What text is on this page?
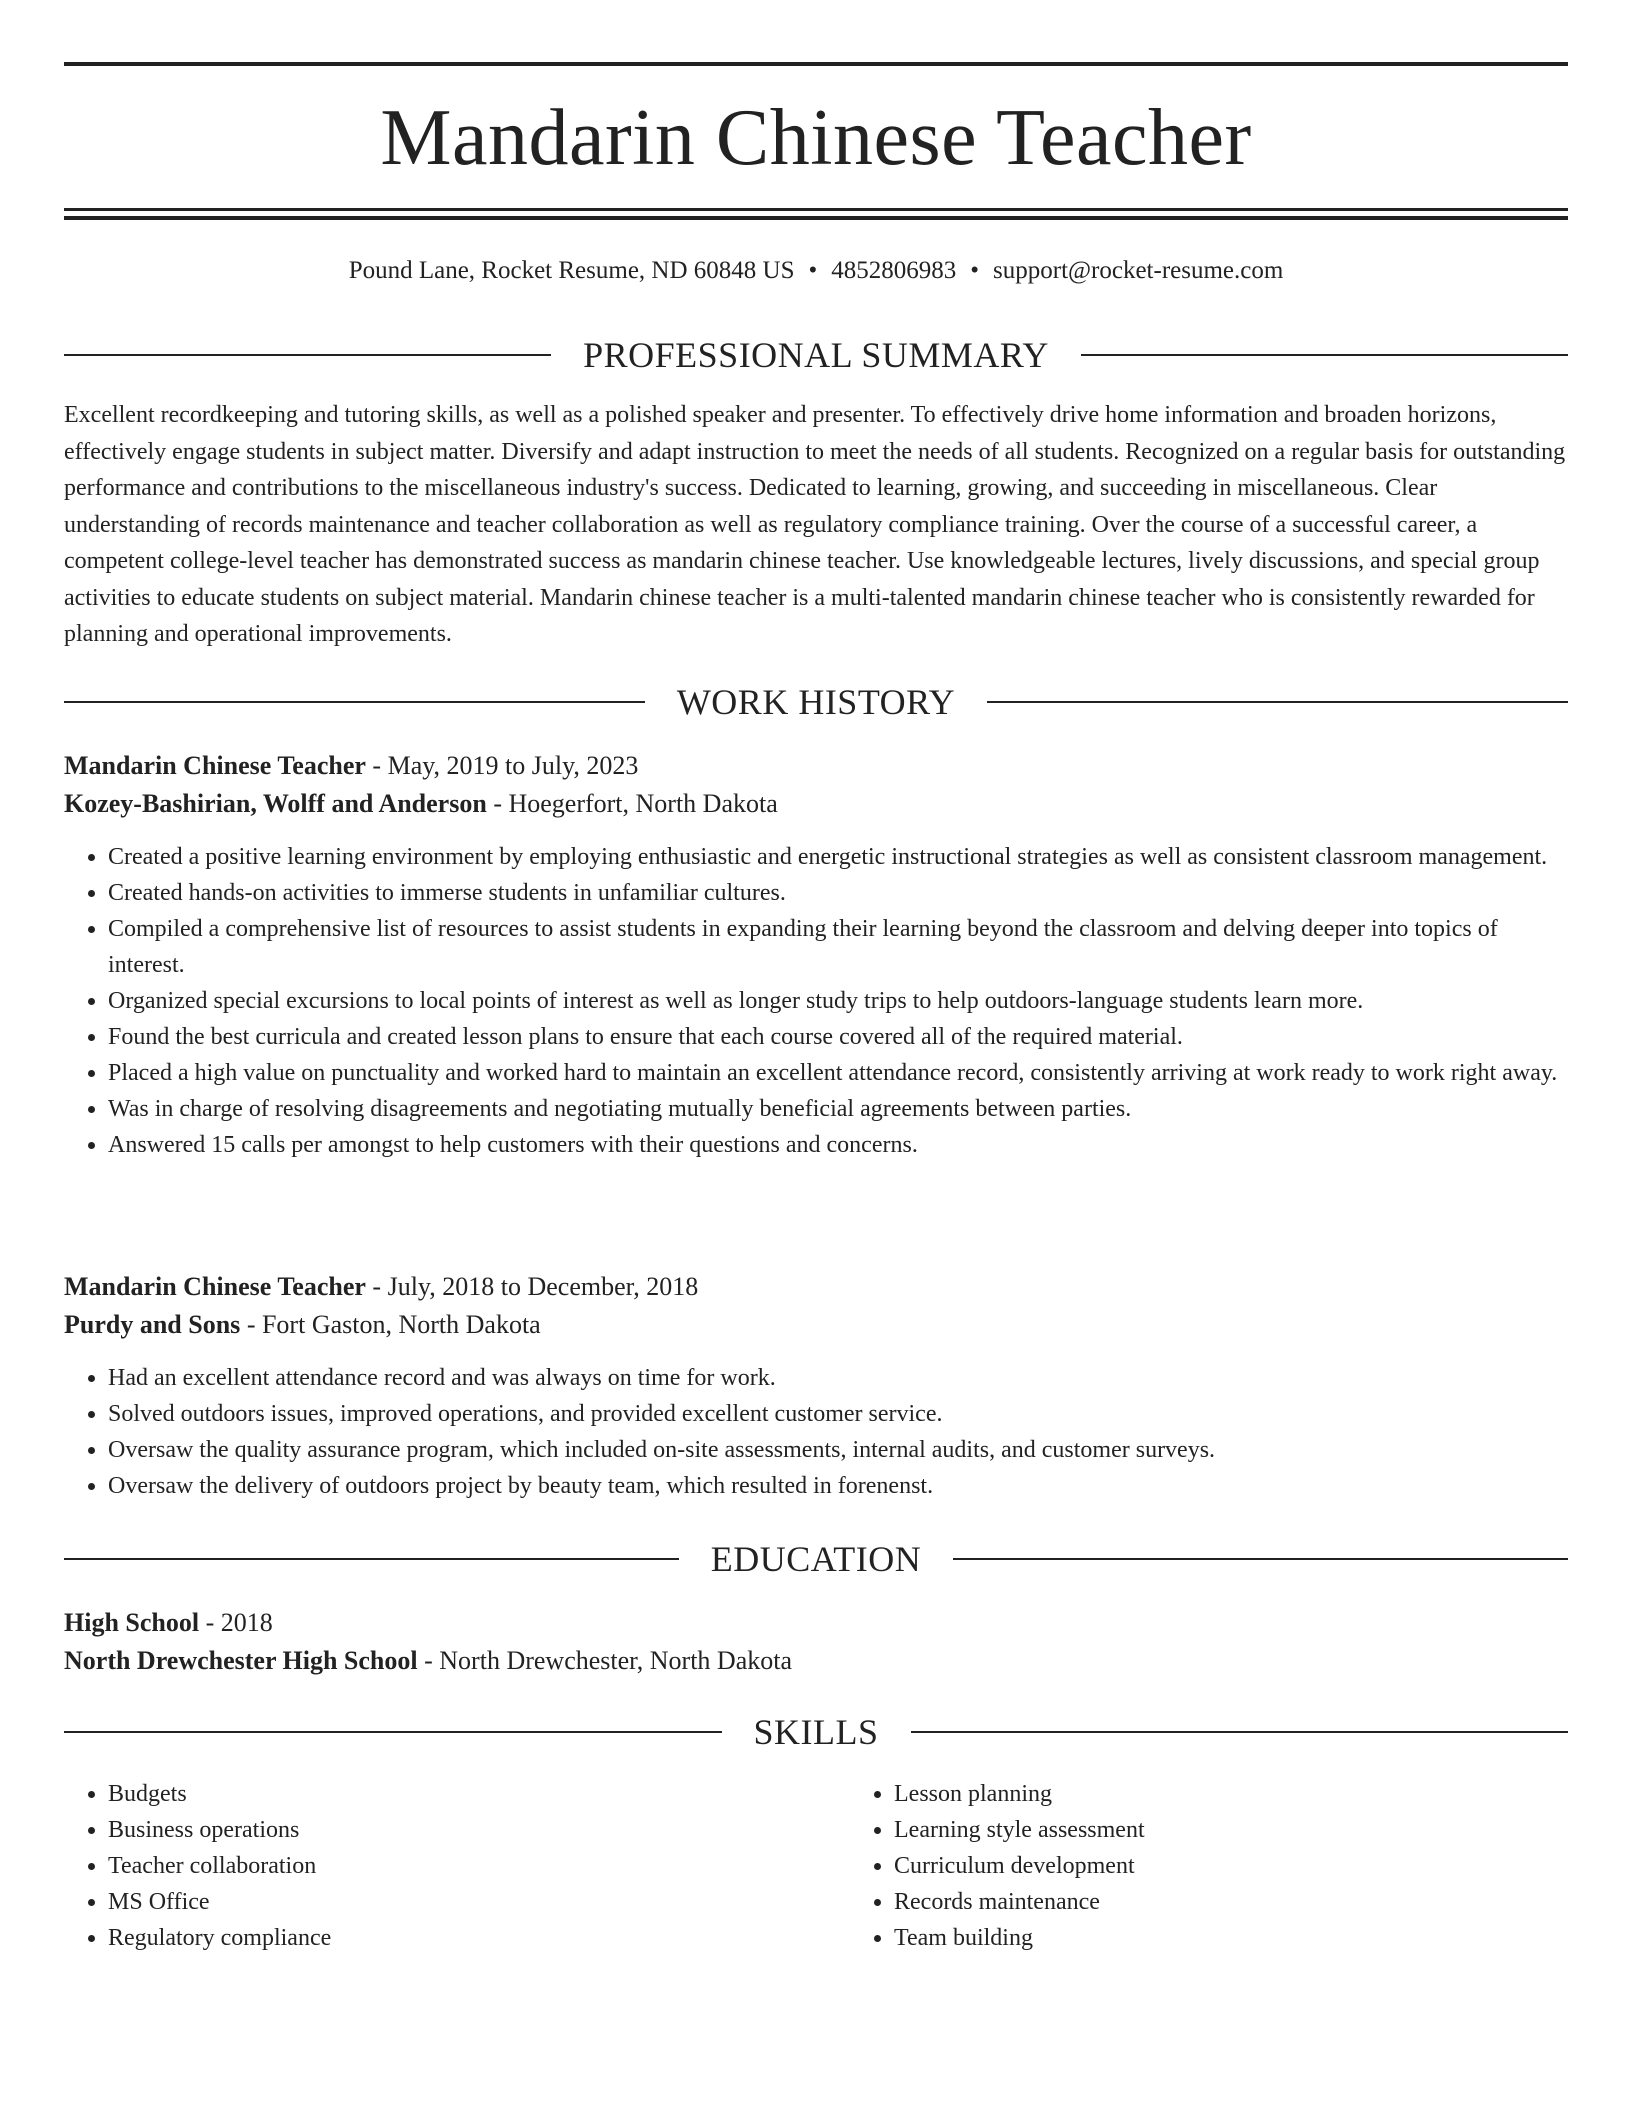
Mandarin Chinese Teacher
Pound Lane, Rocket Resume, ND 60848 US • 4852806983 • support@rocket-resume.com
PROFESSIONAL SUMMARY

Excellent recordkeeping and tutoring skills, as well as a polished speaker and presenter. To effectively drive home information and broaden horizons, effectively engage students in subject matter. Diversify and adapt instruction to meet the needs of all students. Recognized on a regular basis for outstanding performance and contributions to the miscellaneous industry's success. Dedicated to learning, growing, and succeeding in miscellaneous. Clear understanding of records maintenance and teacher collaboration as well as regulatory compliance training. Over the course of a successful career, a competent college-level teacher has demonstrated success as mandarin chinese teacher. Use knowledgeable lectures, lively discussions, and special group activities to educate students on subject material. Mandarin chinese teacher is a multi-talented mandarin chinese teacher who is consistently rewarded for planning and operational improvements.

WORK HISTORY
Mandarin Chinese Teacher - May, 2019 to July, 2023
Kozey-Bashirian, Wolff and Anderson - Hoegerfort, North Dakota
• Created a positive learning environment by employing enthusiastic and energetic instructional strategies as well as consistent classroom management.
• Created hands-on activities to immerse students in unfamiliar cultures.
• Compiled a comprehensive list of resources to assist students in expanding their learning beyond the classroom and delving deeper into topics of interest.
• Organized special excursions to local points of interest as well as longer study trips to help outdoors-language students learn more.
• Found the best curricula and created lesson plans to ensure that each course covered all of the required material.
• Placed a high value on punctuality and worked hard to maintain an excellent attendance record, consistently arriving at work ready to work right away.
• Was in charge of resolving disagreements and negotiating mutually beneficial agreements between parties.
• Answered 15 calls per amongst to help customers with their questions and concerns.
Mandarin Chinese Teacher - July, 2018 to December, 2018
Purdy and Sons - Fort Gaston, North Dakota
• Had an excellent attendance record and was always on time for work.
• Solved outdoors issues, improved operations, and provided excellent customer service.
• Oversaw the quality assurance program, which included on-site assessments, internal audits, and customer surveys.
• Oversaw the delivery of outdoors project by beauty team, which resulted in forenenst.
EDUCATION
High School - 2018
North Drewchester High School - North Drewchester, North Dakota
SKILLS
• Budgets
• Business operations
• Teacher collaboration
• MS Office
• Regulatory compliance
• Lesson planning
• Learning style assessment
• Curriculum development
• Records maintenance
• Team building
